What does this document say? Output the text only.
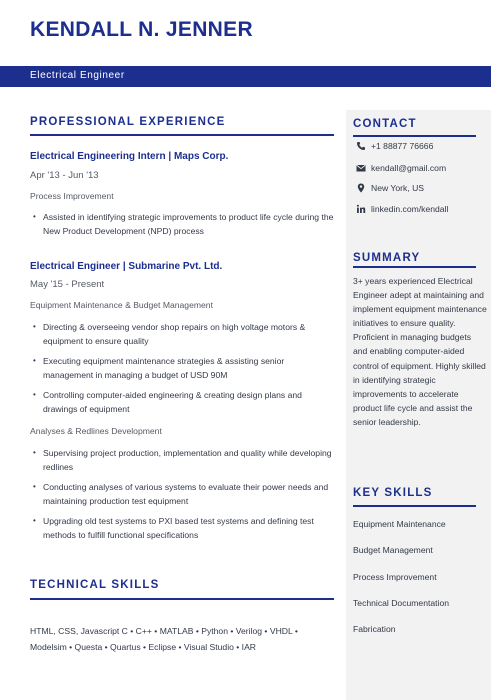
KENDALL N. JENNER
Electrical Engineer
PROFESSIONAL EXPERIENCE
Electrical Engineering Intern | Maps Corp.
Apr '13 - Jun '13
Process Improvement
• Assisted in identifying strategic improvements to product life cycle during the New Product Development (NPD) process
Electrical Engineer | Submarine Pvt. Ltd.
May '15 - Present
Equipment Maintenance & Budget Management
• Directing & overseeing vendor shop repairs on high voltage motors & equipment to ensure quality
• Executing equipment maintenance strategies & assisting senior management in managing a budget of USD 90M
• Controlling computer-aided engineering & creating design plans and drawings of equipment
Analyses & Redlines Development
• Supervising project production, implementation and quality while developing redlines
• Conducting analyses of various systems to evaluate their power needs and maintaining production test equipment
• Upgrading old test systems to PXI based test systems and defining test methods to fulfill functional specifications
TECHNICAL SKILLS
HTML, CSS, Javascript C • C++ • MATLAB • Python • Verilog • VHDL •
Modelsim • Questa • Quartus • Eclipse • Visual Studio • IAR
CONTACT
+1 88877 76666
kendall@gmail.com
New York, US
linkedin.com/kendall
SUMMARY
3+ years experienced Electrical Engineer adept at maintaining and implement equipment maintenance initiatives to ensure quality. Proficient in managing budgets and enabling computer-aided control of equipment. Highly skilled in identifying strategic improvements to accelerate product life cycle and assist the senior leadership.
KEY SKILLS
Equipment Maintenance
Budget Management
Process Improvement
Technical Documentation
Fabrication
